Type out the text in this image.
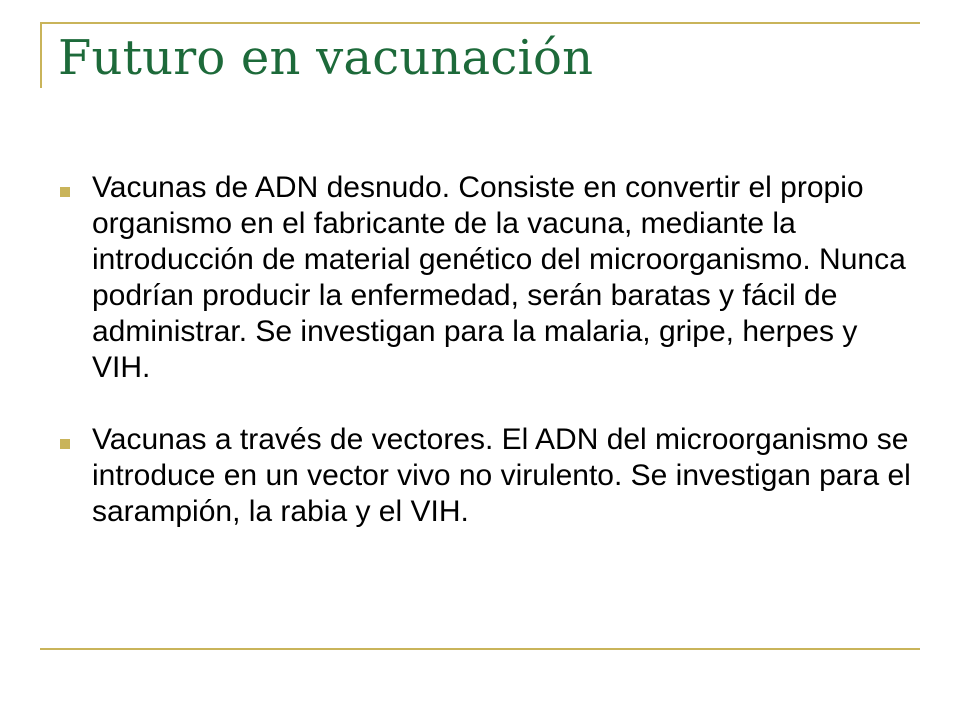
Futuro en vacunación
Vacunas de ADN desnudo. Consiste en convertir el propio organismo en el fabricante de la vacuna, mediante la introducción de material genético del microorganismo. Nunca podrían producir la enfermedad, serán baratas y fácil de administrar. Se investigan para la malaria, gripe, herpes y VIH.
Vacunas a través de vectores. El ADN del microorganismo se introduce en un vector vivo no virulento. Se investigan para el sarampión, la rabia y el VIH.
